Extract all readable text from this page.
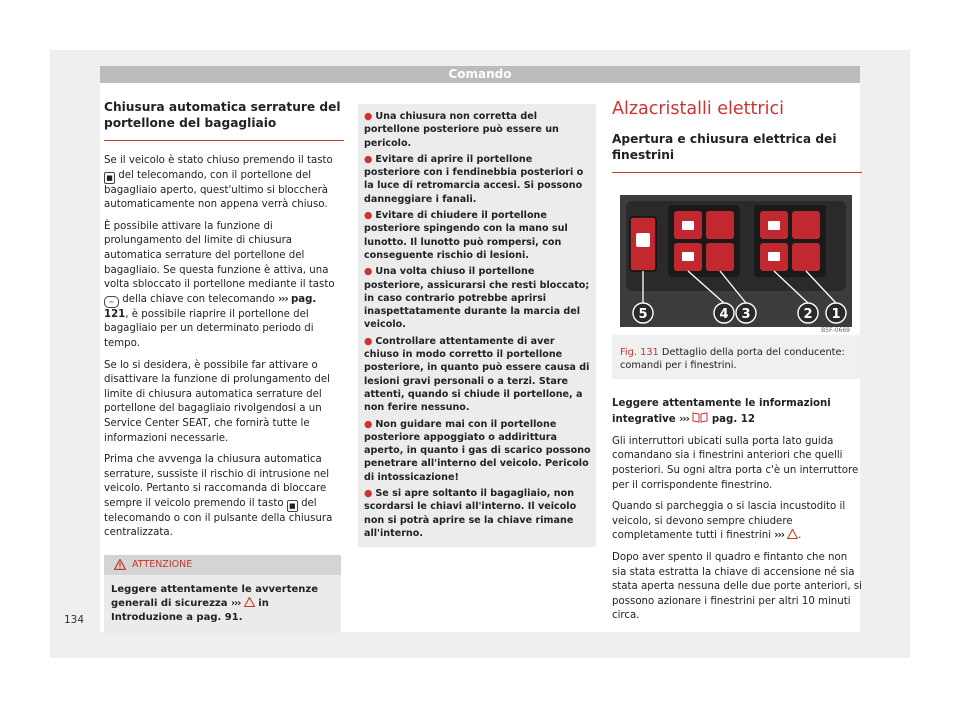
Comando
Chiusura automatica serrature del portellone del bagagliaio

Se il veicolo è stato chiuso premendo il tasto ■ del telecomando, con il portellone del bagagliaio aperto, quest'ultimo si bloccherà automaticamente non appena verrà chiuso.

È possibile attivare la funzione di prolungamento del limite di chiusura automatica serrature del portellone del bagagliaio. Se questa funzione è attiva, una volta sbloccato il portellone mediante il tasto ∼ della chiave con telecomando ››› pag. 121, è possibile riaprire il portellone del bagagliaio per un determinato periodo di tempo.

Se lo si desidera, è possibile far attivare o disattivare la funzione di prolungamento del limite di chiusura automatica serrature del portellone del bagagliaio rivolgendosi a un Service Center SEAT, che fornirà tutte le informazioni necessarie.

Prima che avvenga la chiusura automatica serrature, sussiste il rischio di intrusione nel veicolo. Pertanto si raccomanda di bloccare sempre il veicolo premendo il tasto ■ del telecomando o con il pulsante della chiusura centralizzata.

ATTENZIONE
Leggere attentamente le avvertenze generali di sicurezza ››› in Introduzione a pag. 91.
● Una chiusura non corretta del portellone posteriore può essere un pericolo.
● Evitare di aprire il portellone posteriore con i fendinebbia posteriori o la luce di retromarcia accesi. Si possono danneggiare i fanali.
● Evitare di chiudere il portellone posteriore spingendo con la mano sul lunotto. Il lunotto può rompersi, con conseguente rischio di lesioni.
● Una volta chiuso il portellone posteriore, assicurarsi che resti bloccato; in caso contrario potrebbe aprirsi inaspettatamente durante la marcia del veicolo.
● Controllare attentamente di aver chiuso in modo corretto il portellone posteriore, in quanto può essere causa di lesioni gravi personali o a terzi. Stare attenti, quando si chiude il portellone, a non ferire nessuno.
● Non guidare mai con il portellone posteriore appoggiato o addirittura aperto, in quanto i gas di scarico possono penetrare all'interno del veicolo. Pericolo di intossicazione!
● Se si apre soltanto il bagagliaio, non scordarsi le chiavi all'interno. Il veicolo non si potrà aprire se la chiave rimane all'interno.
Alzacristalli elettrici
Apertura e chiusura elettrica dei finestrini
5	4 3	2 1
B5F-0669
Fig. 131 Dettaglio della porta del conducente: comandi per i finestrini.

Leggere attentamente le informazioni integrative ››› pag. 12

Gli interruttori ubicati sulla porta lato guida comandano sia i finestrini anteriori che quelli posteriori. Su ogni altra porta c'è un interruttore per il corrispondente finestrino.

Quando si parcheggia o si lascia incustodito il veicolo, si devono sempre chiudere completamente tutti i finestrini ››› .

Dopo aver spento il quadro e fintanto che non sia stata estratta la chiave di accensione né sia stata aperta nessuna delle due porte anteriori, si possono azionare i finestrini per altri 10 minuti circa.

134
